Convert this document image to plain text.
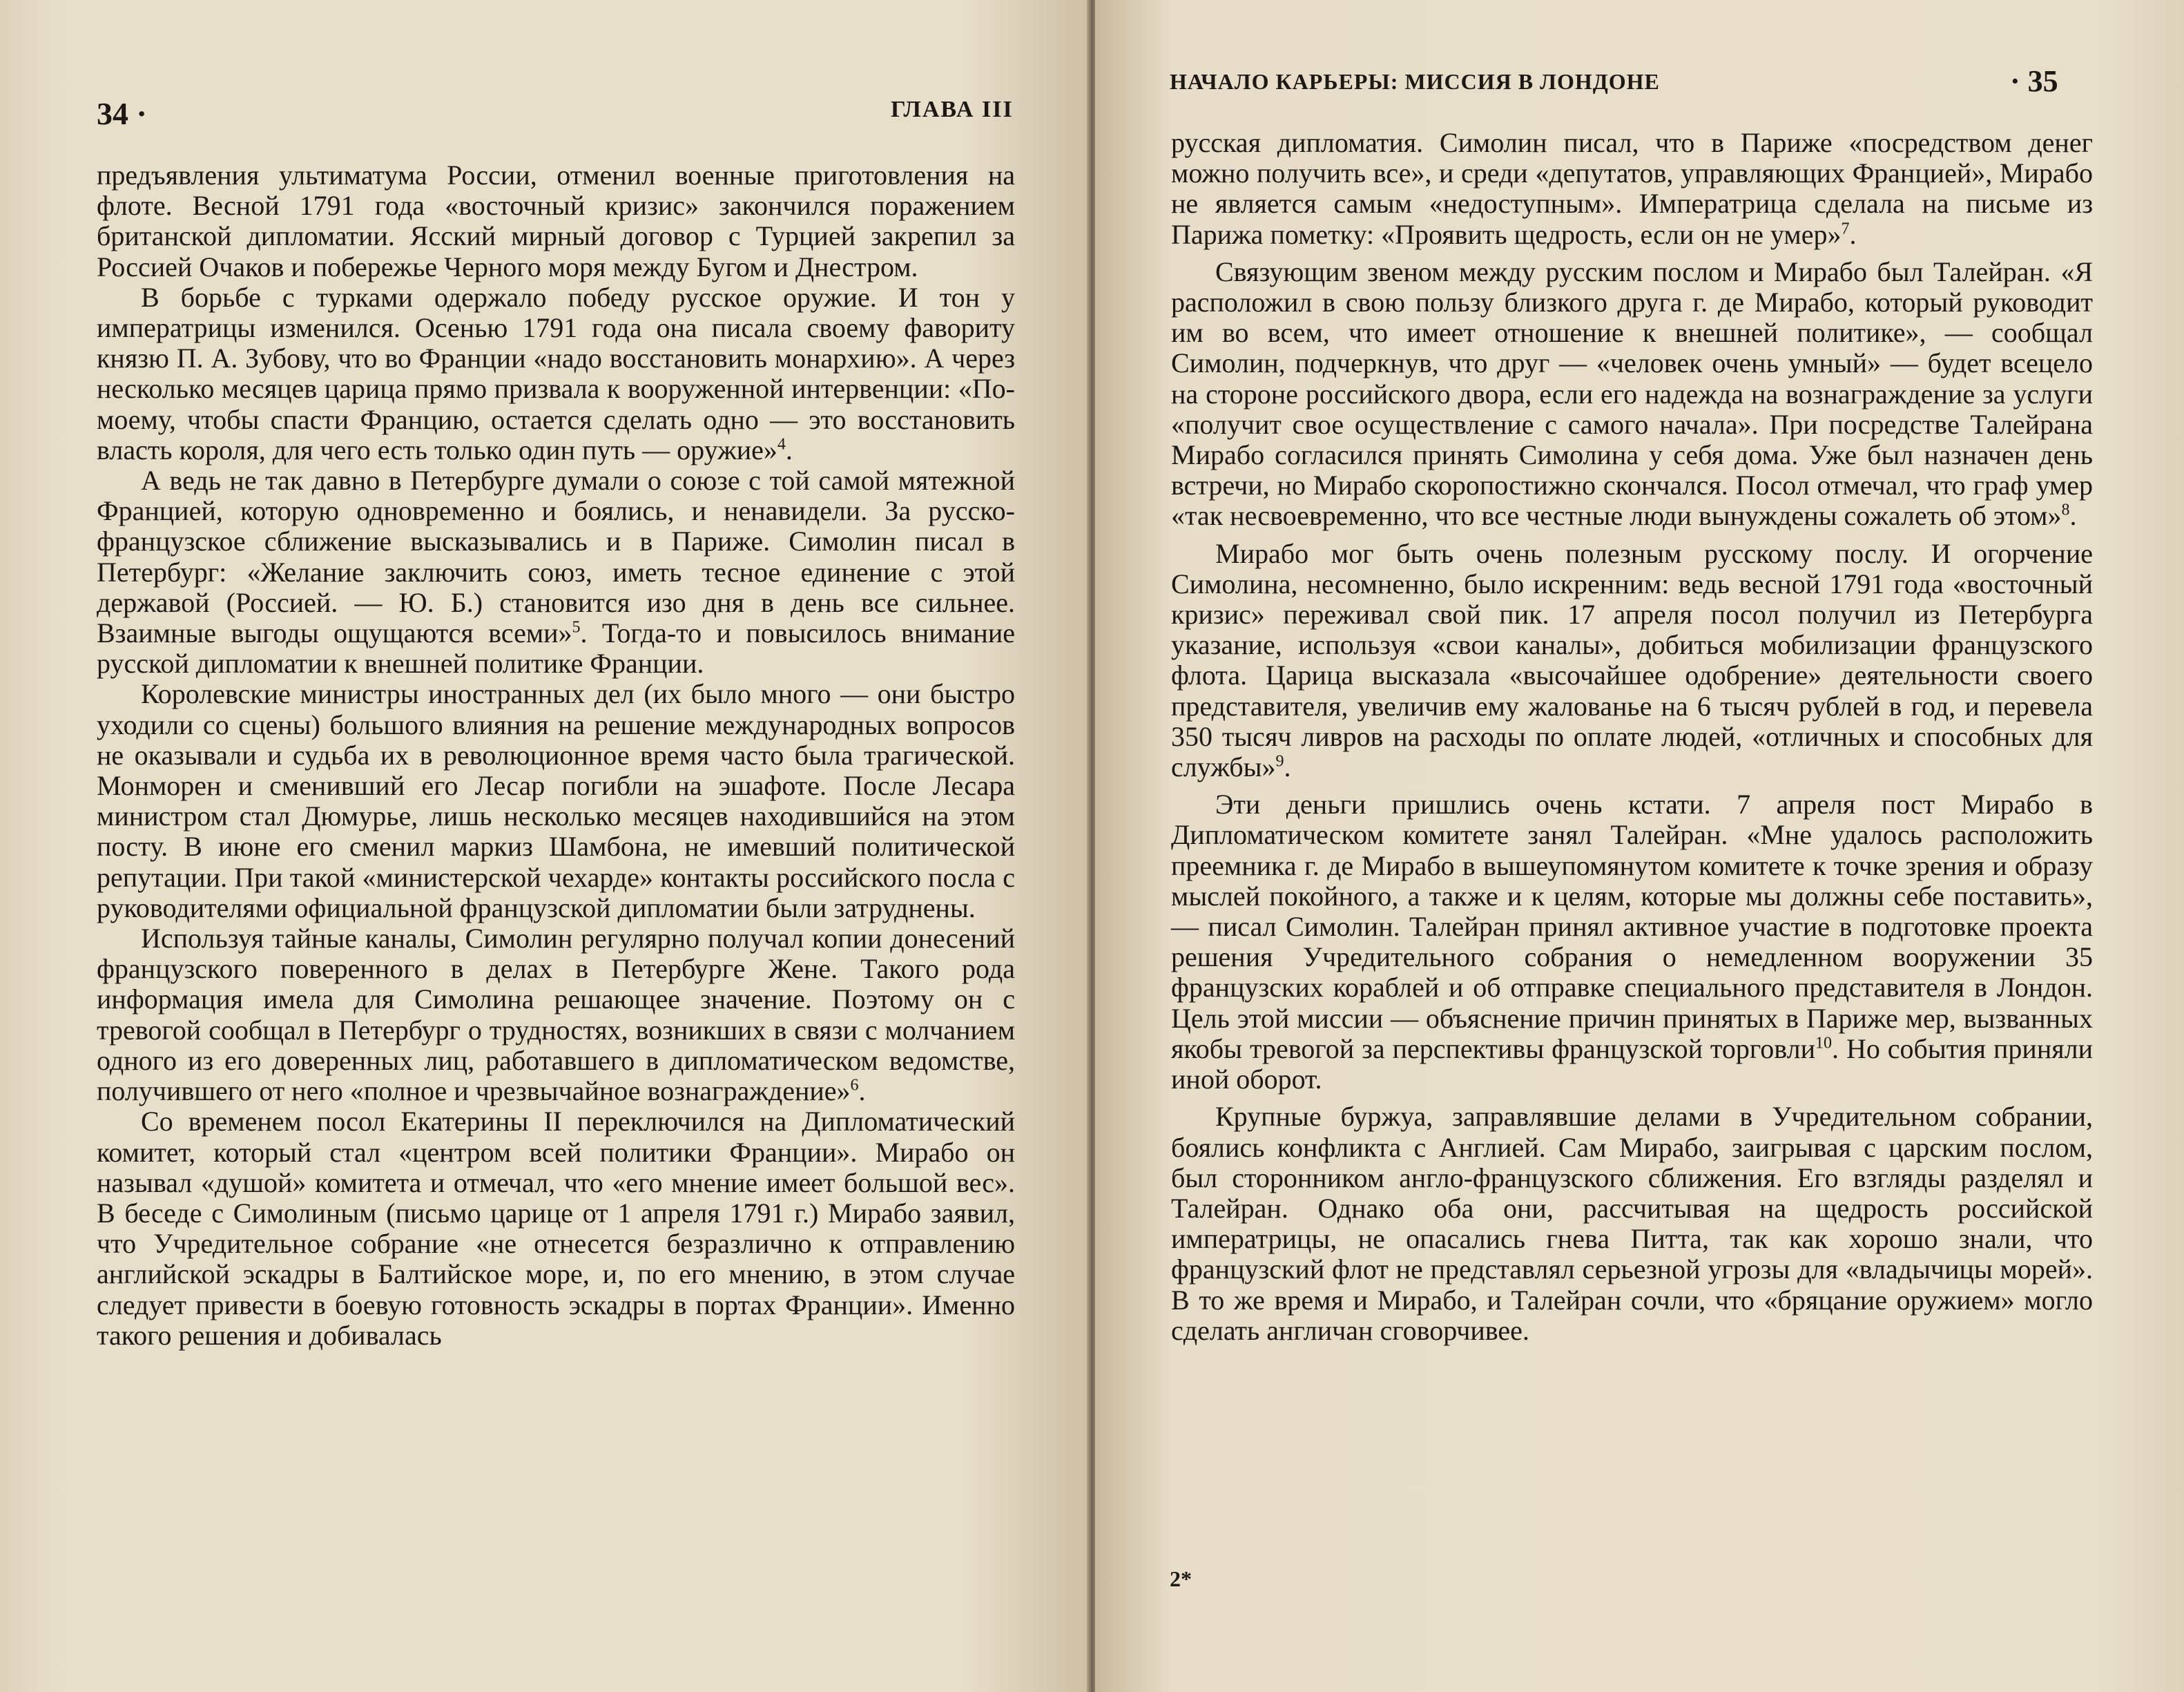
34 ·	ГЛАВА III

предъявления ультиматума России, отменил военные приготовления на флоте. Весной 1791 года «восточный кризис» закончился поражением британской дипломатии. Ясский мирный договор с Турцией закрепил за Россией Очаков и побережье Черного моря между Бугом и Днестром.

В борьбе с турками одержало победу русское оружие. И тон у императрицы изменился. Осенью 1791 года она писала своему фавориту князю П. А. Зубову, что во Франции «надо восстановить монархию». А через несколько месяцев царица прямо призвала к вооруженной интервенции: «По-моему, чтобы спасти Францию, остается сделать одно — это восстановить власть короля, для чего есть только один путь — оружие»$^4$.

А ведь не так давно в Петербурге думали о союзе с той самой мятежной Францией, которую одновременно и боялись, и ненавидели. За русско-французское сближение высказывались и в Париже. Симолин писал в Петербург: «Желание заключить союз, иметь тесное единение с этой державой (Россией. — Ю. Б.) становится изо дня в день все сильнее. Взаимные выгоды ощущаются всеми»$^5$. Тогда-то и повысилось внимание русской дипломатии к внешней политике Франции.

Королевские министры иностранных дел (их было много — они быстро уходили со сцены) большого влияния на решение международных вопросов не оказывали и судьба их в революционное время часто была трагической. Монморен и сменивший его Лесар погибли на эшафоте. После Лесара министром стал Дюмурье, лишь несколько месяцев находившийся на этом посту. В июне его сменил маркиз Шамбона, не имевший политической репутации. При такой «министерской чехарде» контакты российского посла с руководителями официальной французской дипломатии были затруднены.

Используя тайные каналы, Симолин регулярно получал копии донесений французского поверенного в делах в Петербурге Жене. Такого рода информация имела для Симолина решающее значение. Поэтому он с тревогой сообщал в Петербург о трудностях, возникших в связи с молчанием одного из его доверенных лиц, работавшего в дипломатическом ведомстве, получившего от него «полное и чрезвычайное вознаграждение»$^6$.

Со временем посол Екатерины II переключился на Дипломатический комитет, который стал «центром всей политики Франции». Мирабо он называл «душой» комитета и отмечал, что «его мнение имеет большой вес». В беседе с Симолиным (письмо царице от 1 апреля 1791 г.) Мирабо заявил, что Учредительное собрание «не отнесется безразлично к отправлению английской эскадры в Балтийское море, и, по его мнению, в этом случае следует привести в боевую готовность эскадры в портах Франции». Именно такого решения и добивалась

НАЧАЛО КАРЬЕРЫ: МИССИЯ В ЛОНДОНЕ	· 35

русская дипломатия. Симолин писал, что в Париже «посредством денег можно получить все», и среди «депутатов, управляющих Францией», Мирабо не является самым «недоступным». Императрица сделала на письме из Парижа пометку: «Проявить щедрость, если он не умер»$^7$.

Связующим звеном между русским послом и Мирабо был Талейран. «Я расположил в свою пользу близкого друга г. де Мирабо, который руководит им во всем, что имеет отношение к внешней политике», — сообщал Симолин, подчеркнув, что друг — «человек очень умный» — будет всецело на стороне российского двора, если его надежда на вознаграждение за услуги «получит свое осуществление с самого начала». При посредстве Талейрана Мирабо согласился принять Симолина у себя дома. Уже был назначен день встречи, но Мирабо скоропостижно скончался. Посол отмечал, что граф умер «так несвоевременно, что все честные люди вынуждены сожалеть об этом»$^8$.

Мирабо мог быть очень полезным русскому послу. И огорчение Симолина, несомненно, было искренним: ведь весной 1791 года «восточный кризис» переживал свой пик. 17 апреля посол получил из Петербурга указание, используя «свои каналы», добиться мобилизации французского флота. Царица высказала «высочайшее одобрение» деятельности своего представителя, увеличив ему жалованье на 6 тысяч рублей в год, и перевела 350 тысяч ливров на расходы по оплате людей, «отличных и способных для службы»$^9$.

Эти деньги пришлись очень кстати. 7 апреля пост Мирабо в Дипломатическом комитете занял Талейран. «Мне удалось расположить преемника г. де Мирабо в вышеупомянутом комитете к точке зрения и образу мыслей покойного, а также и к целям, которые мы должны себе поставить», — писал Симолин. Талейран принял активное участие в подготовке проекта решения Учредительного собрания о немедленном вооружении 35 французских кораблей и об отправке специального представителя в Лондон. Цель этой миссии — объяснение причин принятых в Париже мер, вызванных якобы тревогой за перспективы французской торговли$^{10}$. Но события приняли иной оборот.

Крупные буржуа, заправлявшие делами в Учредительном собрании, боялись конфликта с Англией. Сам Мирабо, заигрывая с царским послом, был сторонником англо-французского сближения. Его взгляды разделял и Талейран. Однако оба они, рассчитывая на щедрость российской императрицы, не опасались гнева Питта, так как хорошо знали, что французский флот не представлял серьезной угрозы для «владычицы морей». В то же время и Мирабо, и Талейран сочли, что «бряцание оружием» могло сделать англичан сговорчивее.

2*
